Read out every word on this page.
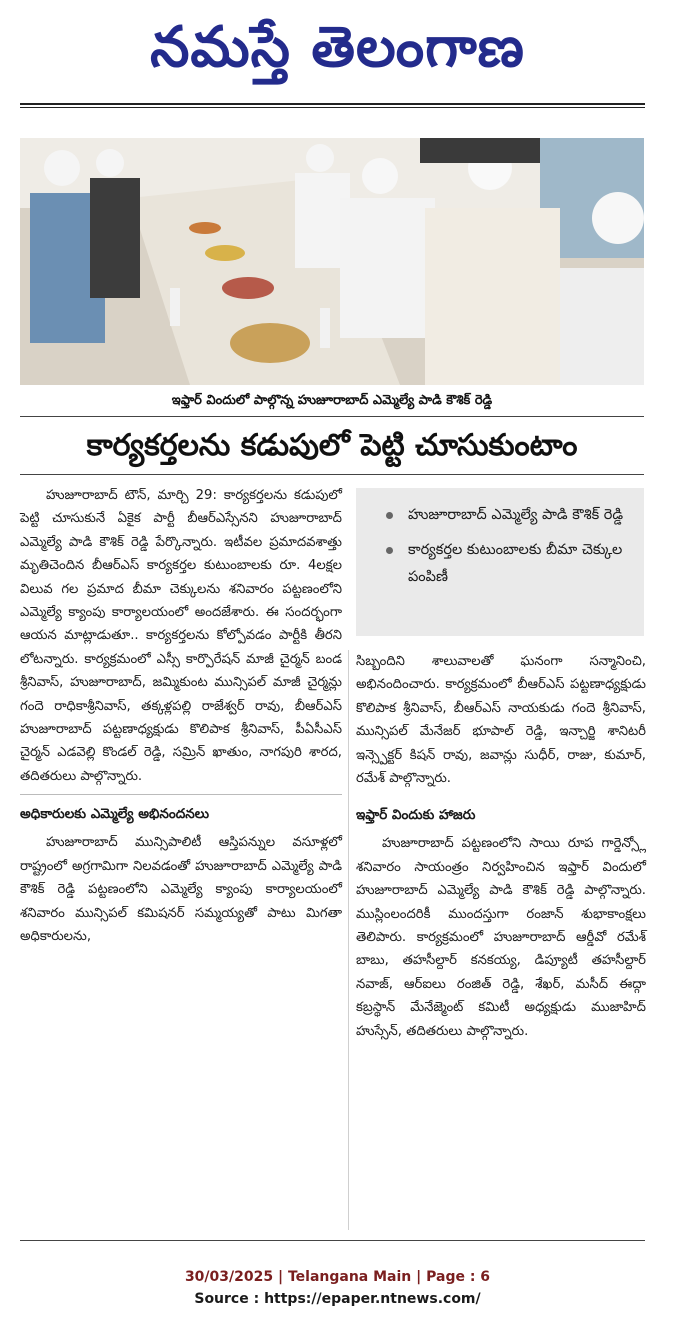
నమస్తే తెలంగాణ
ఇఫ్తార్ విందులో పాల్గొన్న హుజూరాబాద్ ఎమ్మెల్యే పాడి కౌశిక్ రెడ్డి
కార్యకర్తలను కడుపులో పెట్టి చూసుకుంటాం

హుజూరాబాద్ టౌన్, మార్చి 29: కార్యకర్తలను కడుపులో పెట్టి చూసుకునే ఏకైక పార్టీ బీఆర్ఎస్సేనని హుజూరాబాద్ ఎమ్మెల్యే పాడి కౌశిక్ రెడ్డి పేర్కొన్నారు. ఇటీవల ప్రమాదవశాత్తు మృతిచెందిన బీఆర్ఎస్ కార్యకర్తల కుటుంబాలకు రూ. 4లక్షల విలువ గల ప్రమాద బీమా చెక్కులను శనివారం పట్టణంలోని ఎమ్మెల్యే క్యాంపు కార్యాలయంలో అందజేశారు. ఈ సందర్భంగా ఆయన మాట్లాడుతూ.. కార్యకర్తలను కోల్పోవడం పార్టీకి తీరని లోటన్నారు. కార్యక్రమంలో ఎస్సీ కార్పొరేషన్ మాజీ చైర్మన్ బండ శ్రీనివాస్, హుజూరాబాద్, జమ్మికుంట మున్సిపల్ మాజీ చైర్మన్లు గందె రాధికాశ్రీనివాస్, తక్కళ్లపల్లి రాజేశ్వర్ రావు, బీఆర్ఎస్ హుజూరాబాద్ పట్టణాధ్యక్షుడు కొలిపాక శ్రీనివాస్, పీఏసీఎస్ చైర్మన్ ఎడవెల్లి కొండల్ రెడ్డి, సమ్రిన్ ఖాతుం, నాగపురి శారద, తదితరులు పాల్గొన్నారు.

అధికారులకు ఎమ్మెల్యే అభినందనలు

హుజూరాబాద్ మున్సిపాలిటీ ఆస్తిపన్నుల వసూళ్లలో రాష్ట్రంలో అగ్రగామిగా నిలవడంతో హుజూరాబాద్ ఎమ్మెల్యే పాడి కౌశిక్ రెడ్డి పట్టణంలోని ఎమ్మెల్యే క్యాంపు కార్యాలయంలో శనివారం మున్సిపల్ కమిషనర్ సమ్మయ్యతో పాటు మిగతా అధికారులను,

హుజూరాబాద్ ఎమ్మెల్యే పాడి కౌశిక్ రెడ్డి
కార్యకర్తల కుటుంబాలకు బీమా చెక్కుల పంపిణీ

సిబ్బందిని శాలువాలతో ఘనంగా సన్మానించి, అభినందించారు. కార్యక్రమంలో బీఆర్ఎస్ పట్టణాధ్యక్షుడు కొలిపాక శ్రీనివాస్, బీఆర్ఎస్ నాయకుడు గందె శ్రీనివాస్, మున్సిపల్ మేనేజర్ భూపాల్ రెడ్డి, ఇన్చార్జి శానిటరీ ఇన్స్పెక్టర్ కిషన్ రావు, జవాన్లు సుధీర్, రాజు, కుమార్, రమేశ్ పాల్గొన్నారు.

ఇఫ్తార్ విందుకు హాజరు

హుజూరాబాద్ పట్టణంలోని సాయి రూప గార్డెన్స్లో శనివారం సాయంత్రం నిర్వహించిన ఇఫ్తార్ విందులో హుజూరాబాద్ ఎమ్మెల్యే పాడి కౌశిక్ రెడ్డి పాల్గొన్నారు. ముస్లింలందరికీ ముందస్తుగా రంజాన్ శుభాకాంక్షలు తెలిపారు. కార్యక్రమంలో హుజూరాబాద్ ఆర్డీవో రమేశ్ బాబు, తహసీల్దార్ కనకయ్య, డిప్యూటీ తహసీల్దార్ నవాజ్, ఆర్ఐలు రంజిత్ రెడ్డి, శేఖర్, మసీద్ ఈద్గా కబ్రస్థాన్ మేనేజ్మెంట్ కమిటీ అధ్యక్షుడు ముజాహిద్ హుస్సేన్, తదితరులు పాల్గొన్నారు.

30/03/2025 | Telangana Main | Page : 6
Source : https://epaper.ntnews.com/
